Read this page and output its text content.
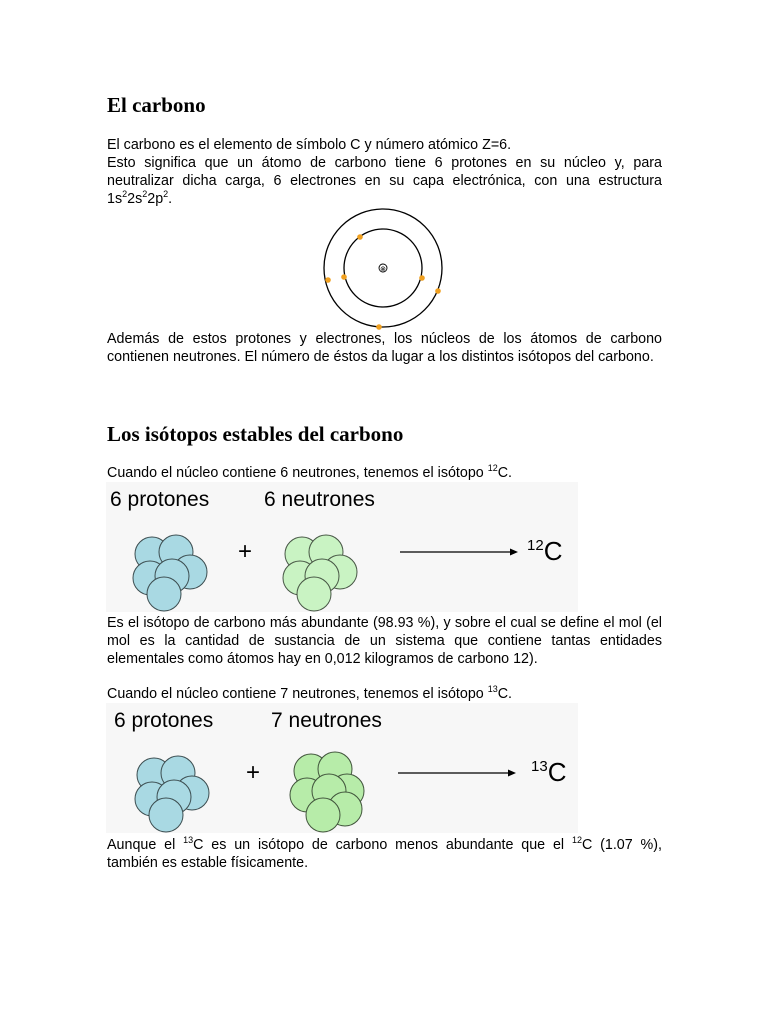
El carbono

El carbono es el elemento de símbolo C y número atómico Z=6.
Esto significa que un átomo de carbono tiene 6 protones en su núcleo y, para neutralizar dicha carga, 6 electrones en su capa electrónica, con una estructura $1s^22s^22p^2$.

⊗

Además de estos protones y electrones, los núcleos de los átomos de carbono contienen neutrones. El número de éstos da lugar a los distintos isótopos del carbono.

Los isótopos estables del carbono

Cuando el núcleo contiene 6 neutrones, tenemos el isótopo $^{12}$C.

6 protones	6 neutrones
+	$^{12}$C

Es el isótopo de carbono más abundante (98.93 %), y sobre el cual se define el mol (el mol es la cantidad de sustancia de un sistema que contiene tantas entidades elementales como átomos hay en 0,012 kilogramos de carbono 12).

Cuando el núcleo contiene 7 neutrones, tenemos el isótopo $^{13}$C.

6 protones	7 neutrones
+	$^{13}$C

Aunque el $^{13}$C es un isótopo de carbono menos abundante que el $^{12}$C (1.07 %), también es estable físicamente.
